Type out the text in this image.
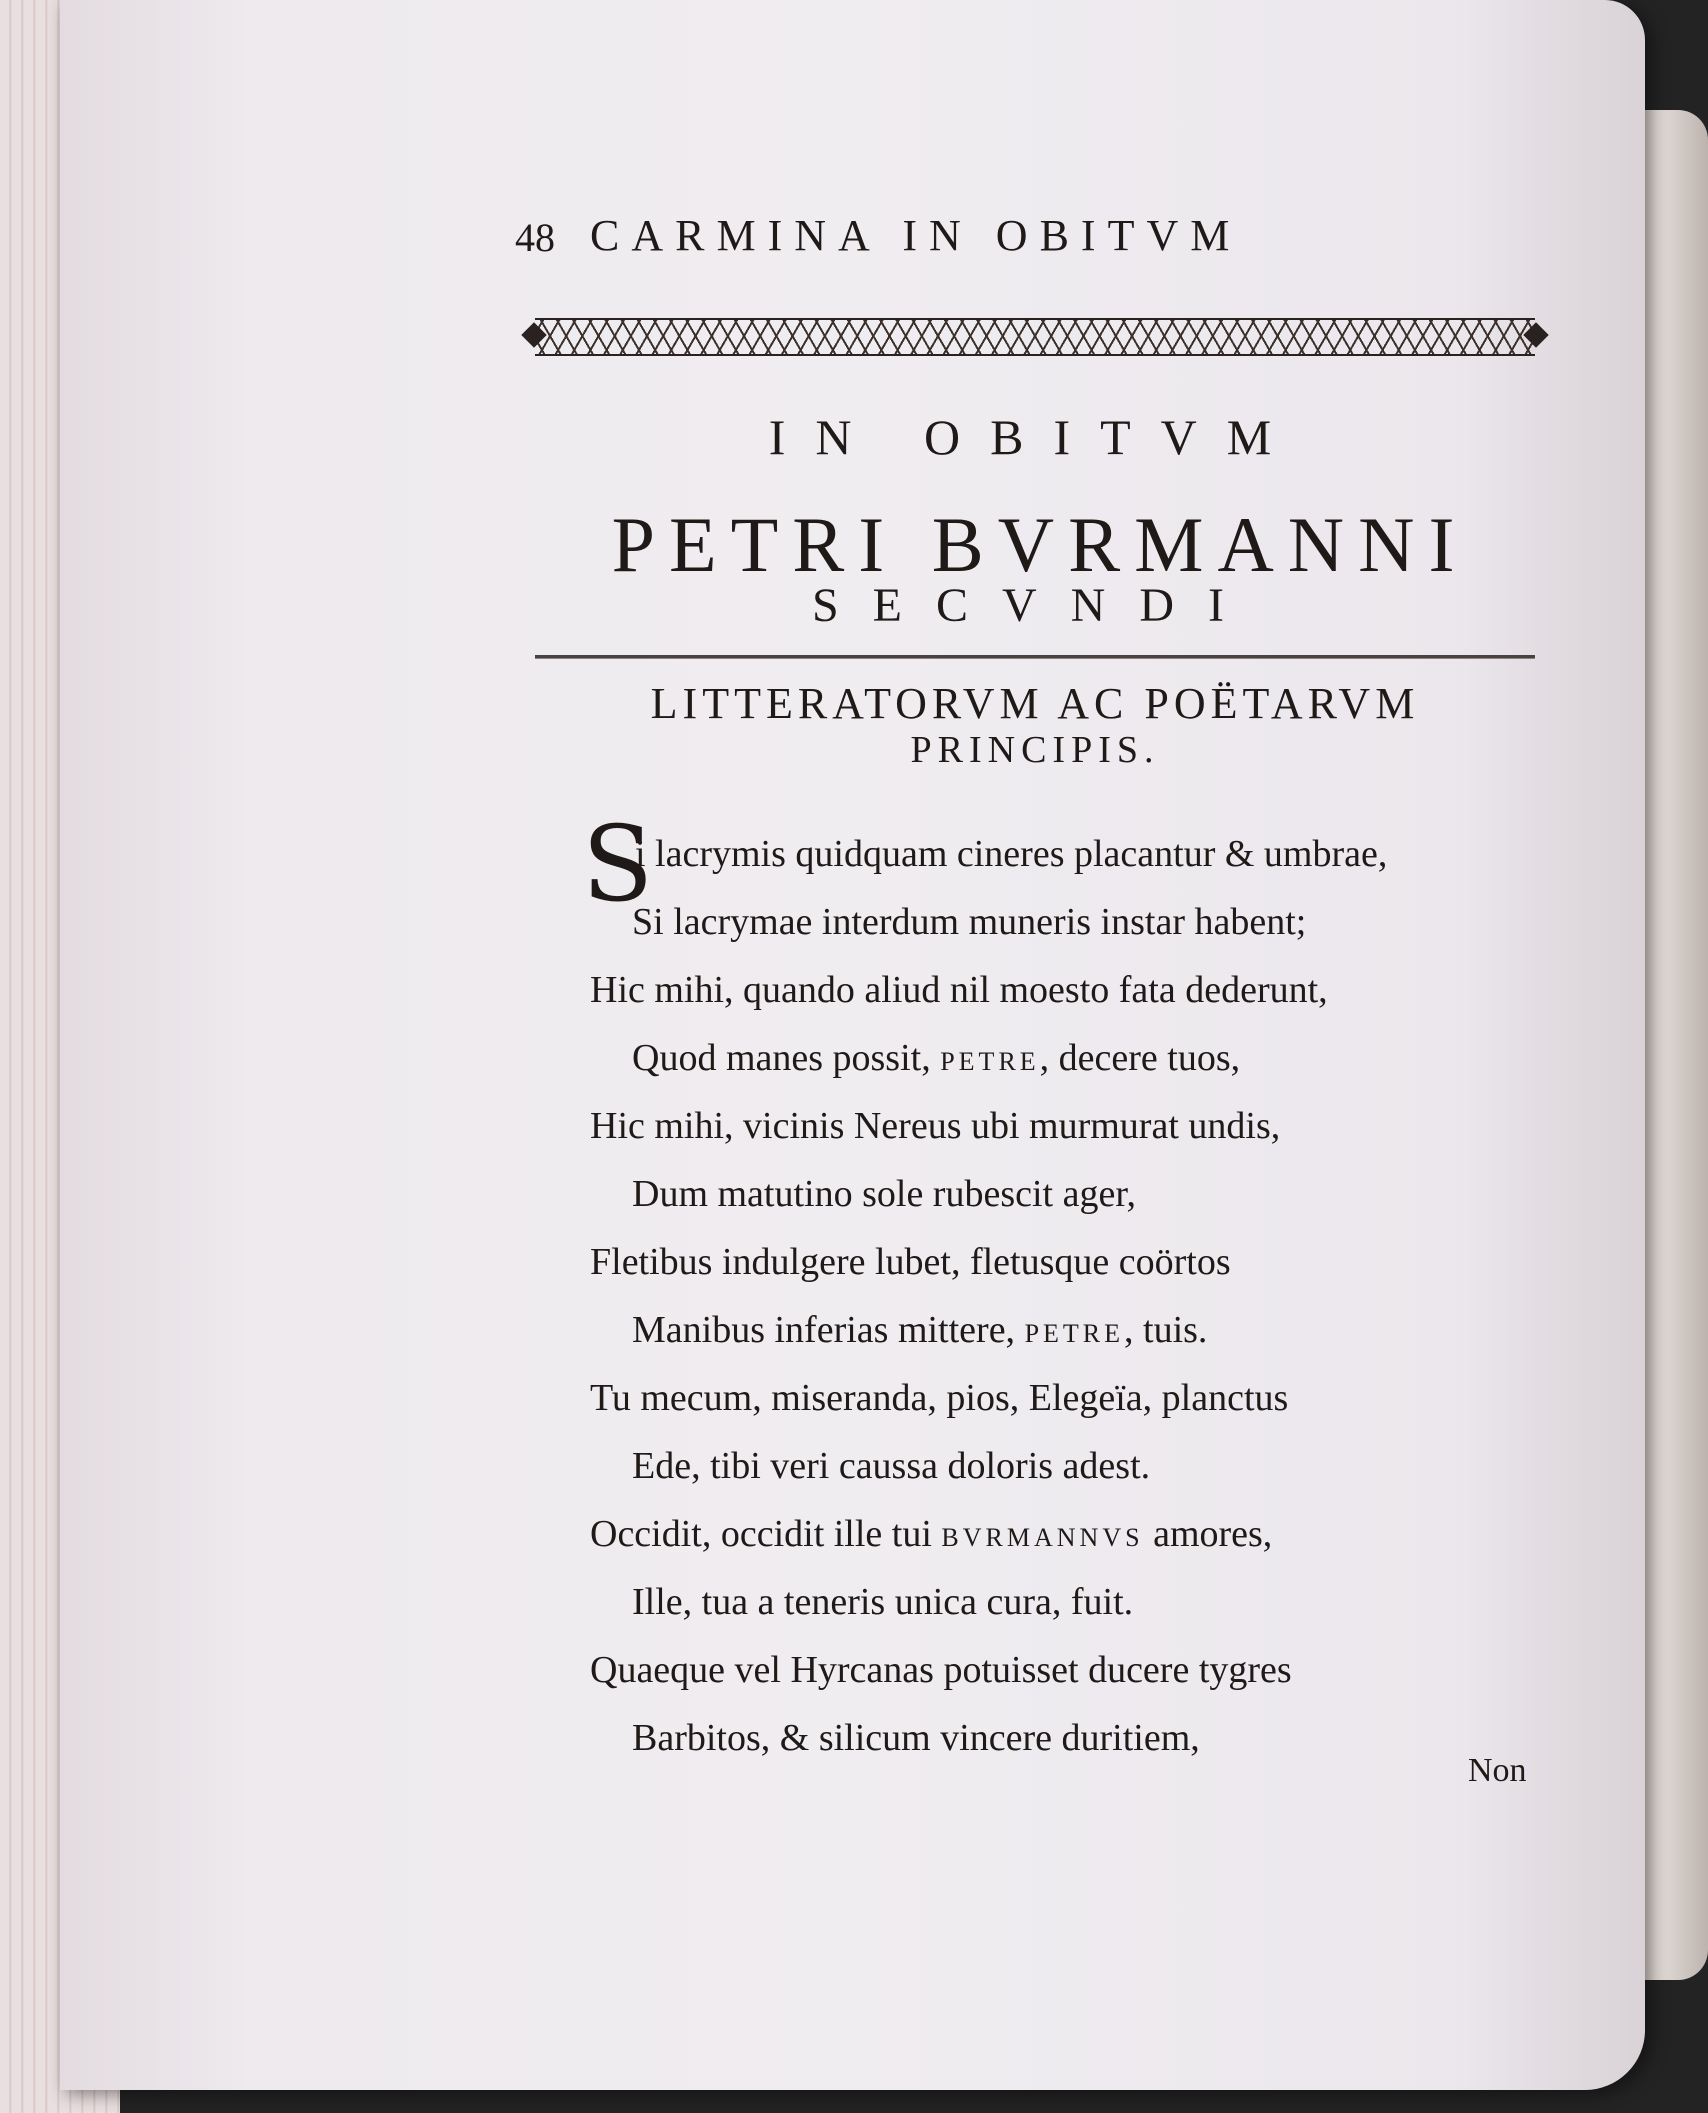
48 CARMINA IN OBITVM
IN OBITVM
PETRI BVRMANNI
SECVNDI
LITTERATORVM AC POËTARVM
PRINCIPIS.
S
i lacrymis quidquam cineres placantur & umbrae,
Si lacrymae interdum muneris instar habent;
Hic mihi, quando aliud nil moesto fata dederunt,
Quod manes possit, PETRE, decere tuos,
Hic mihi, vicinis Nereus ubi murmurat undis,
Dum matutino sole rubescit ager,
Fletibus indulgere lubet, fletusque coörtos
Manibus inferias mittere, PETRE, tuis.
Tu mecum, miseranda, pios, Elegeïa, planctus
Ede, tibi veri caussa doloris adest.
Occidit, occidit ille tui BVRMANNVS amores,
Ille, tua a teneris unica cura, fuit.
Quaeque vel Hyrcanas potuisset ducere tygres
Barbitos, & silicum vincere duritiem,
Non
